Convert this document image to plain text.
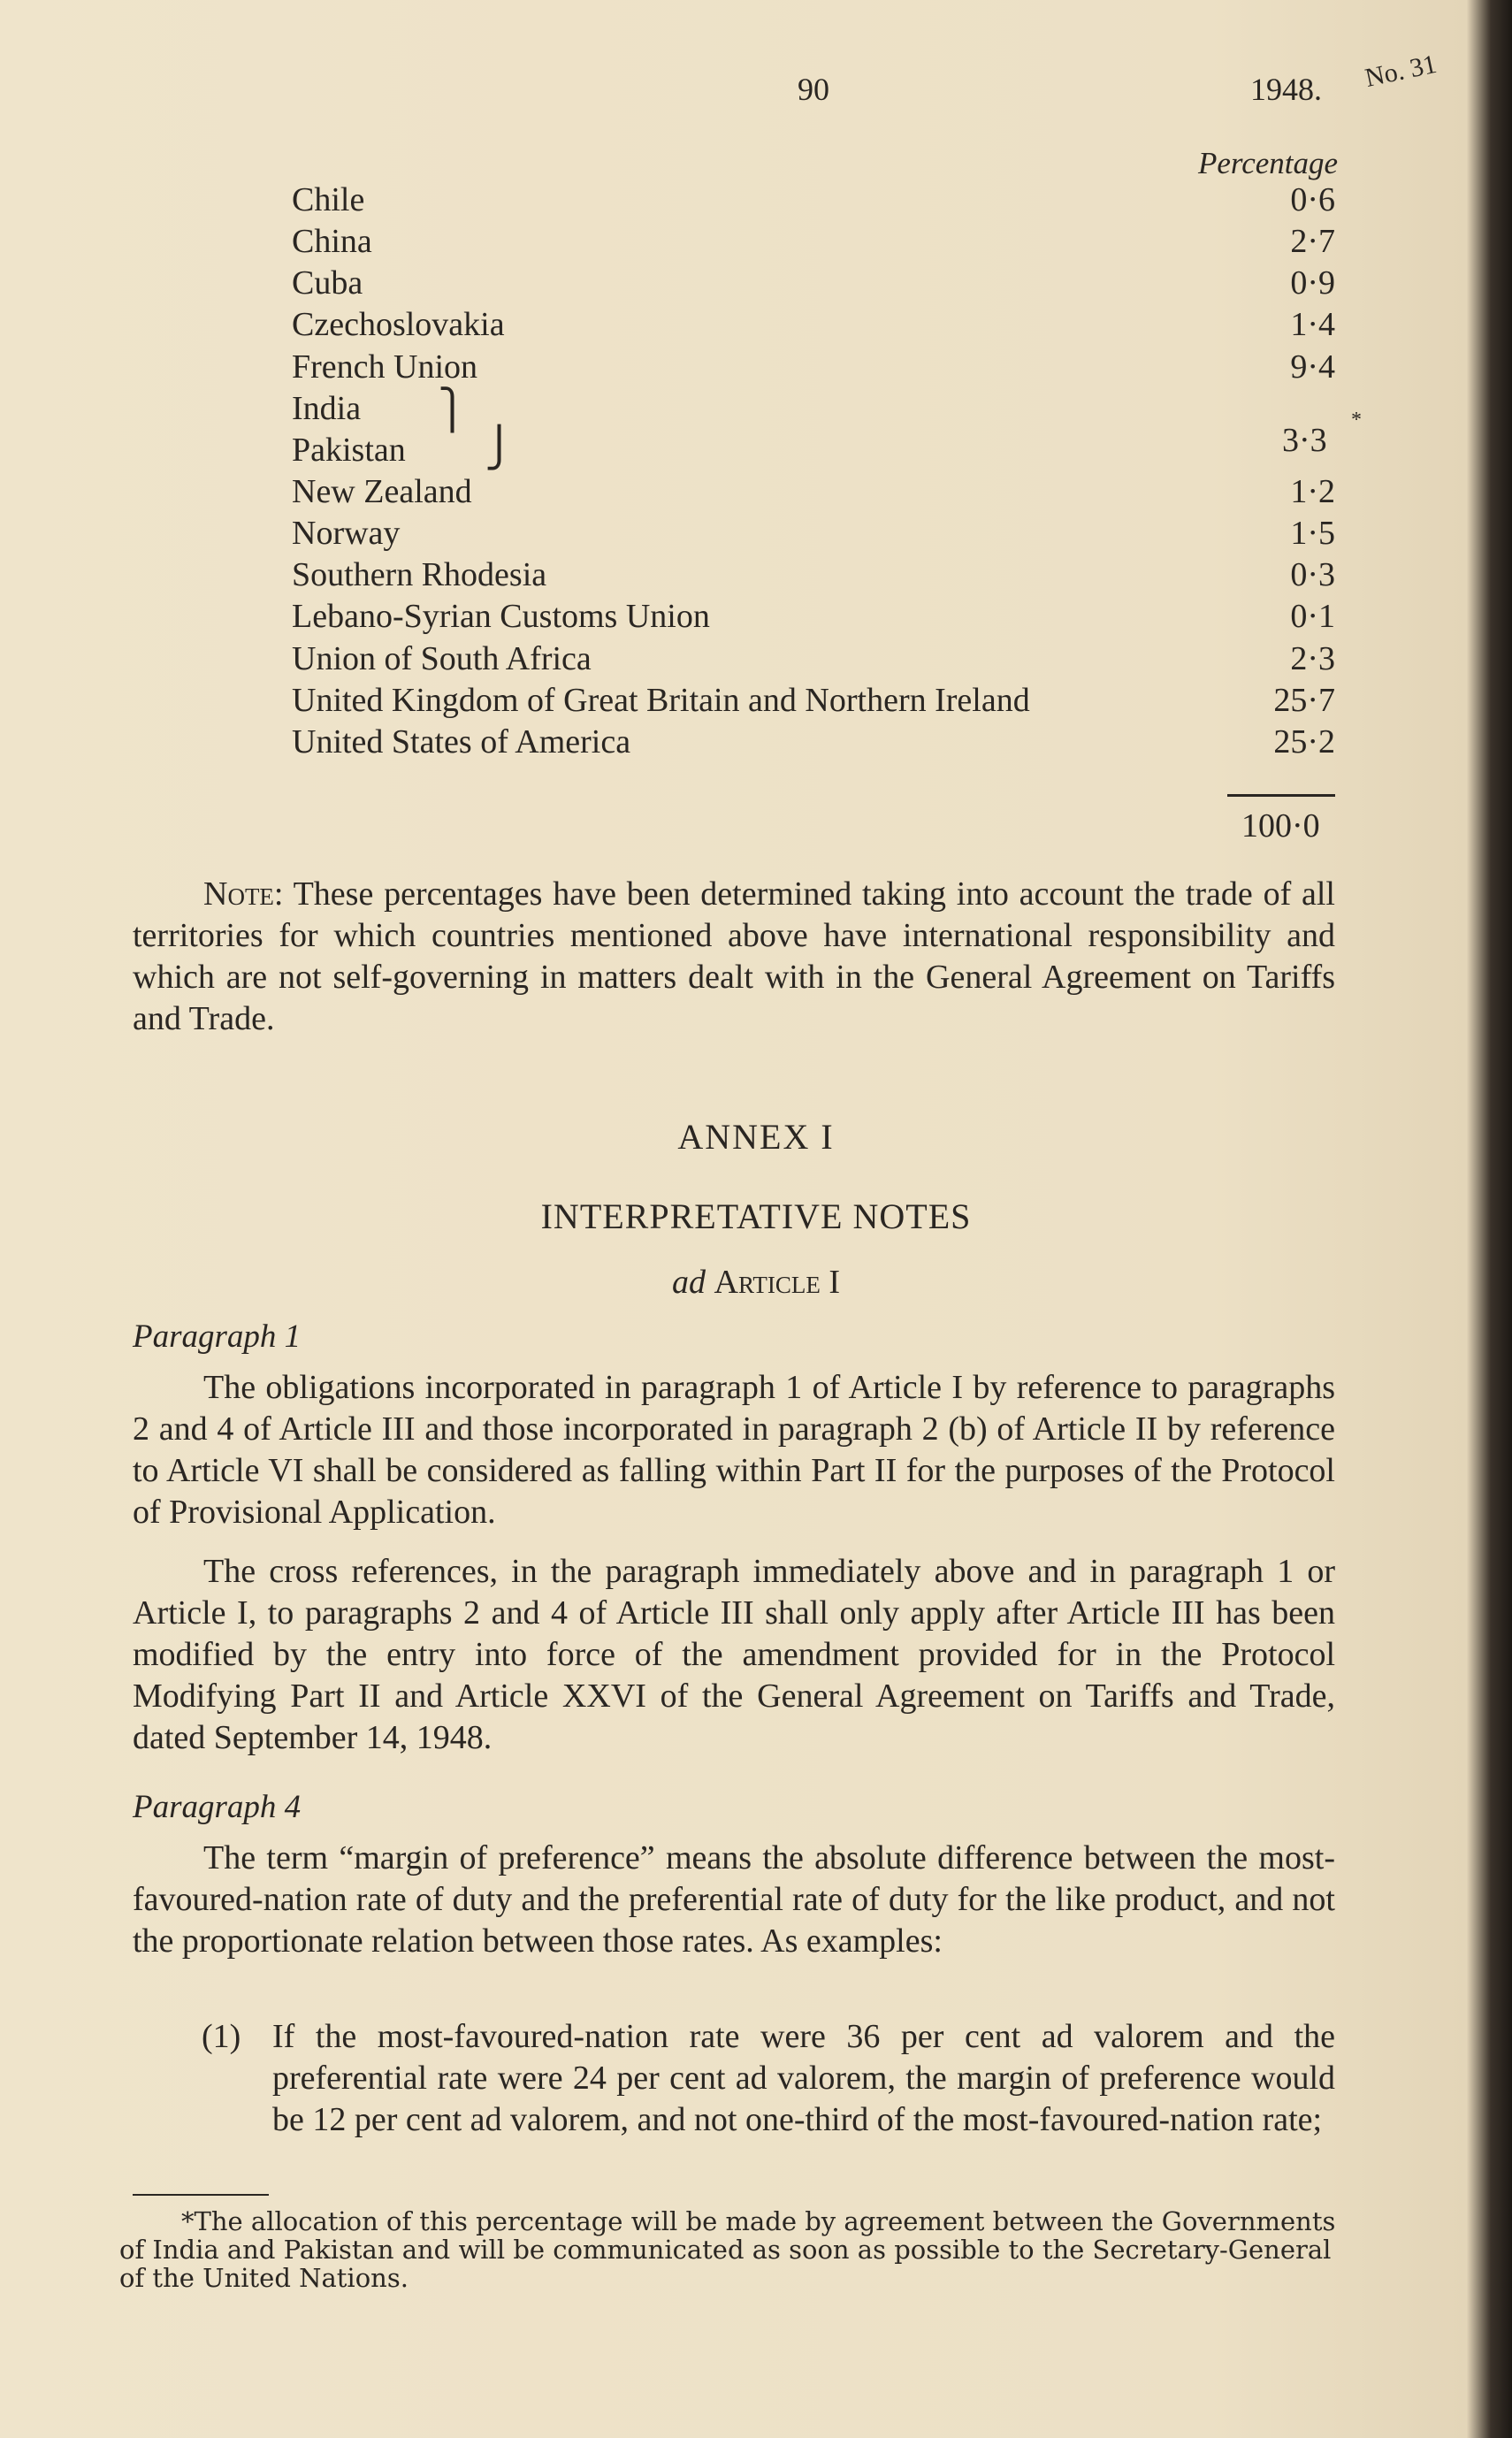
90	1948. No. 31
Percentage
Chile	0·6
China	2·7
Cuba	0·9
Czechoslovakia	1·4
French Union	9·4
India ⎫
Pakistan ⎭	3·3
*
New Zealand	1·2
Norway	1·5
Southern Rhodesia	0·3
Lebano-Syrian Customs Union	0·1
Union of South Africa	2·3
United Kingdom of Great Britain and Northern Ireland	25·7
United States of America	25·2
100·0

Note: These percentages have been determined taking into account the trade of all territories for which countries mentioned above have international responsibility and which are not self-governing in matters dealt with in the General Agreement on Tariffs and Trade.

ANNEX I
INTERPRETATIVE NOTES
ad Article I
Paragraph 1

The obligations incorporated in paragraph 1 of Article I by reference to paragraphs 2 and 4 of Article III and those incorporated in paragraph 2 (b) of Article II by reference to Article VI shall be considered as falling within Part II for the purposes of the Protocol of Provisional Application.

The cross references, in the paragraph immediately above and in paragraph 1 or Article I, to paragraphs 2 and 4 of Article III shall only apply after Article III has been modified by the entry into force of the amendment provided for in the Protocol Modifying Part II and Article XXVI of the General Agreement on Tariffs and Trade, dated September 14, 1948.

Paragraph 4

The term “margin of preference” means the absolute difference between the most-favoured-nation rate of duty and the preferential rate of duty for the like product, and not the proportionate relation between those rates. As examples:

(1) If the most-favoured-nation rate were 36 per cent ad valorem and the preferential rate were 24 per cent ad valorem, the margin of preference would be 12 per cent ad valorem, and not one-third of the most-favoured-nation rate;

*The allocation of this percentage will be made by agreement between the Governments of India and Pakistan and will be communicated as soon as possible to the Secretary-General of the United Nations.
